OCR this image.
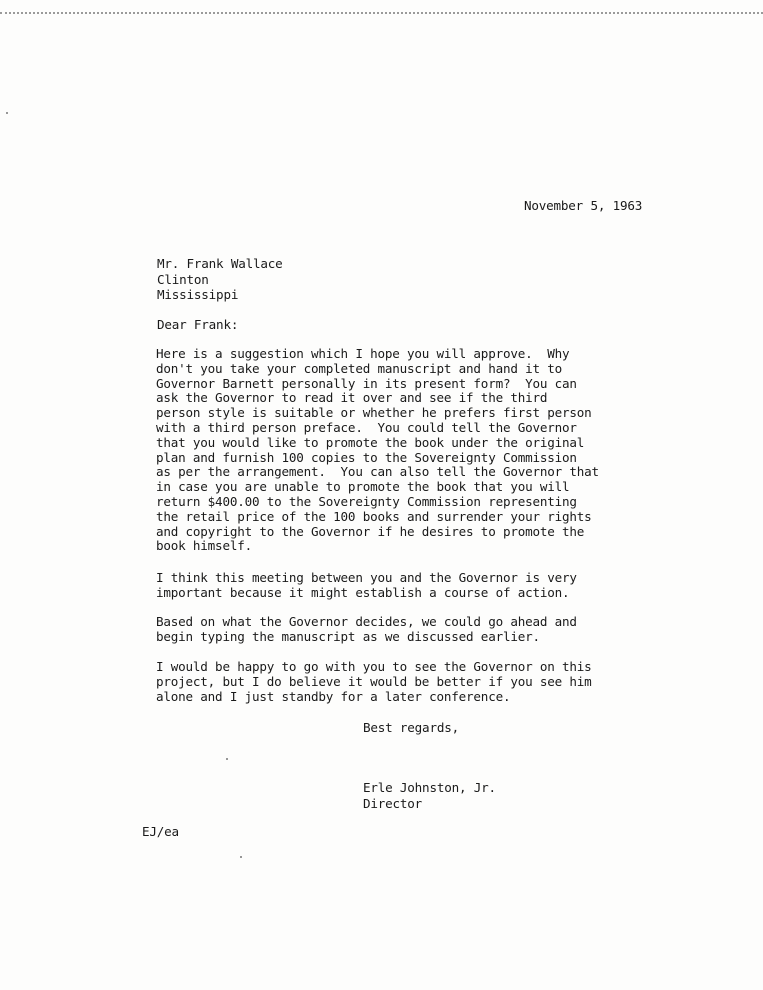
November 5, 1963
Mr. Frank Wallace
Clinton
Mississippi
Dear Frank:
Here is a suggestion which I hope you will approve.  Why
don't you take your completed manuscript and hand it to
Governor Barnett personally in its present form?  You can
ask the Governor to read it over and see if the third
person style is suitable or whether he prefers first person
with a third person preface.  You could tell the Governor
that you would like to promote the book under the original
plan and furnish 100 copies to the Sovereignty Commission
as per the arrangement.  You can also tell the Governor that
in case you are unable to promote the book that you will
return $400.00 to the Sovereignty Commission representing
the retail price of the 100 books and surrender your rights
and copyright to the Governor if he desires to promote the
book himself.
I think this meeting between you and the Governor is very
important because it might establish a course of action.
Based on what the Governor decides, we could go ahead and
begin typing the manuscript as we discussed earlier.
I would be happy to go with you to see the Governor on this
project, but I do believe it would be better if you see him
alone and I just standby for a later conference.
Best regards,
Erle Johnston, Jr.
Director
EJ/ea
